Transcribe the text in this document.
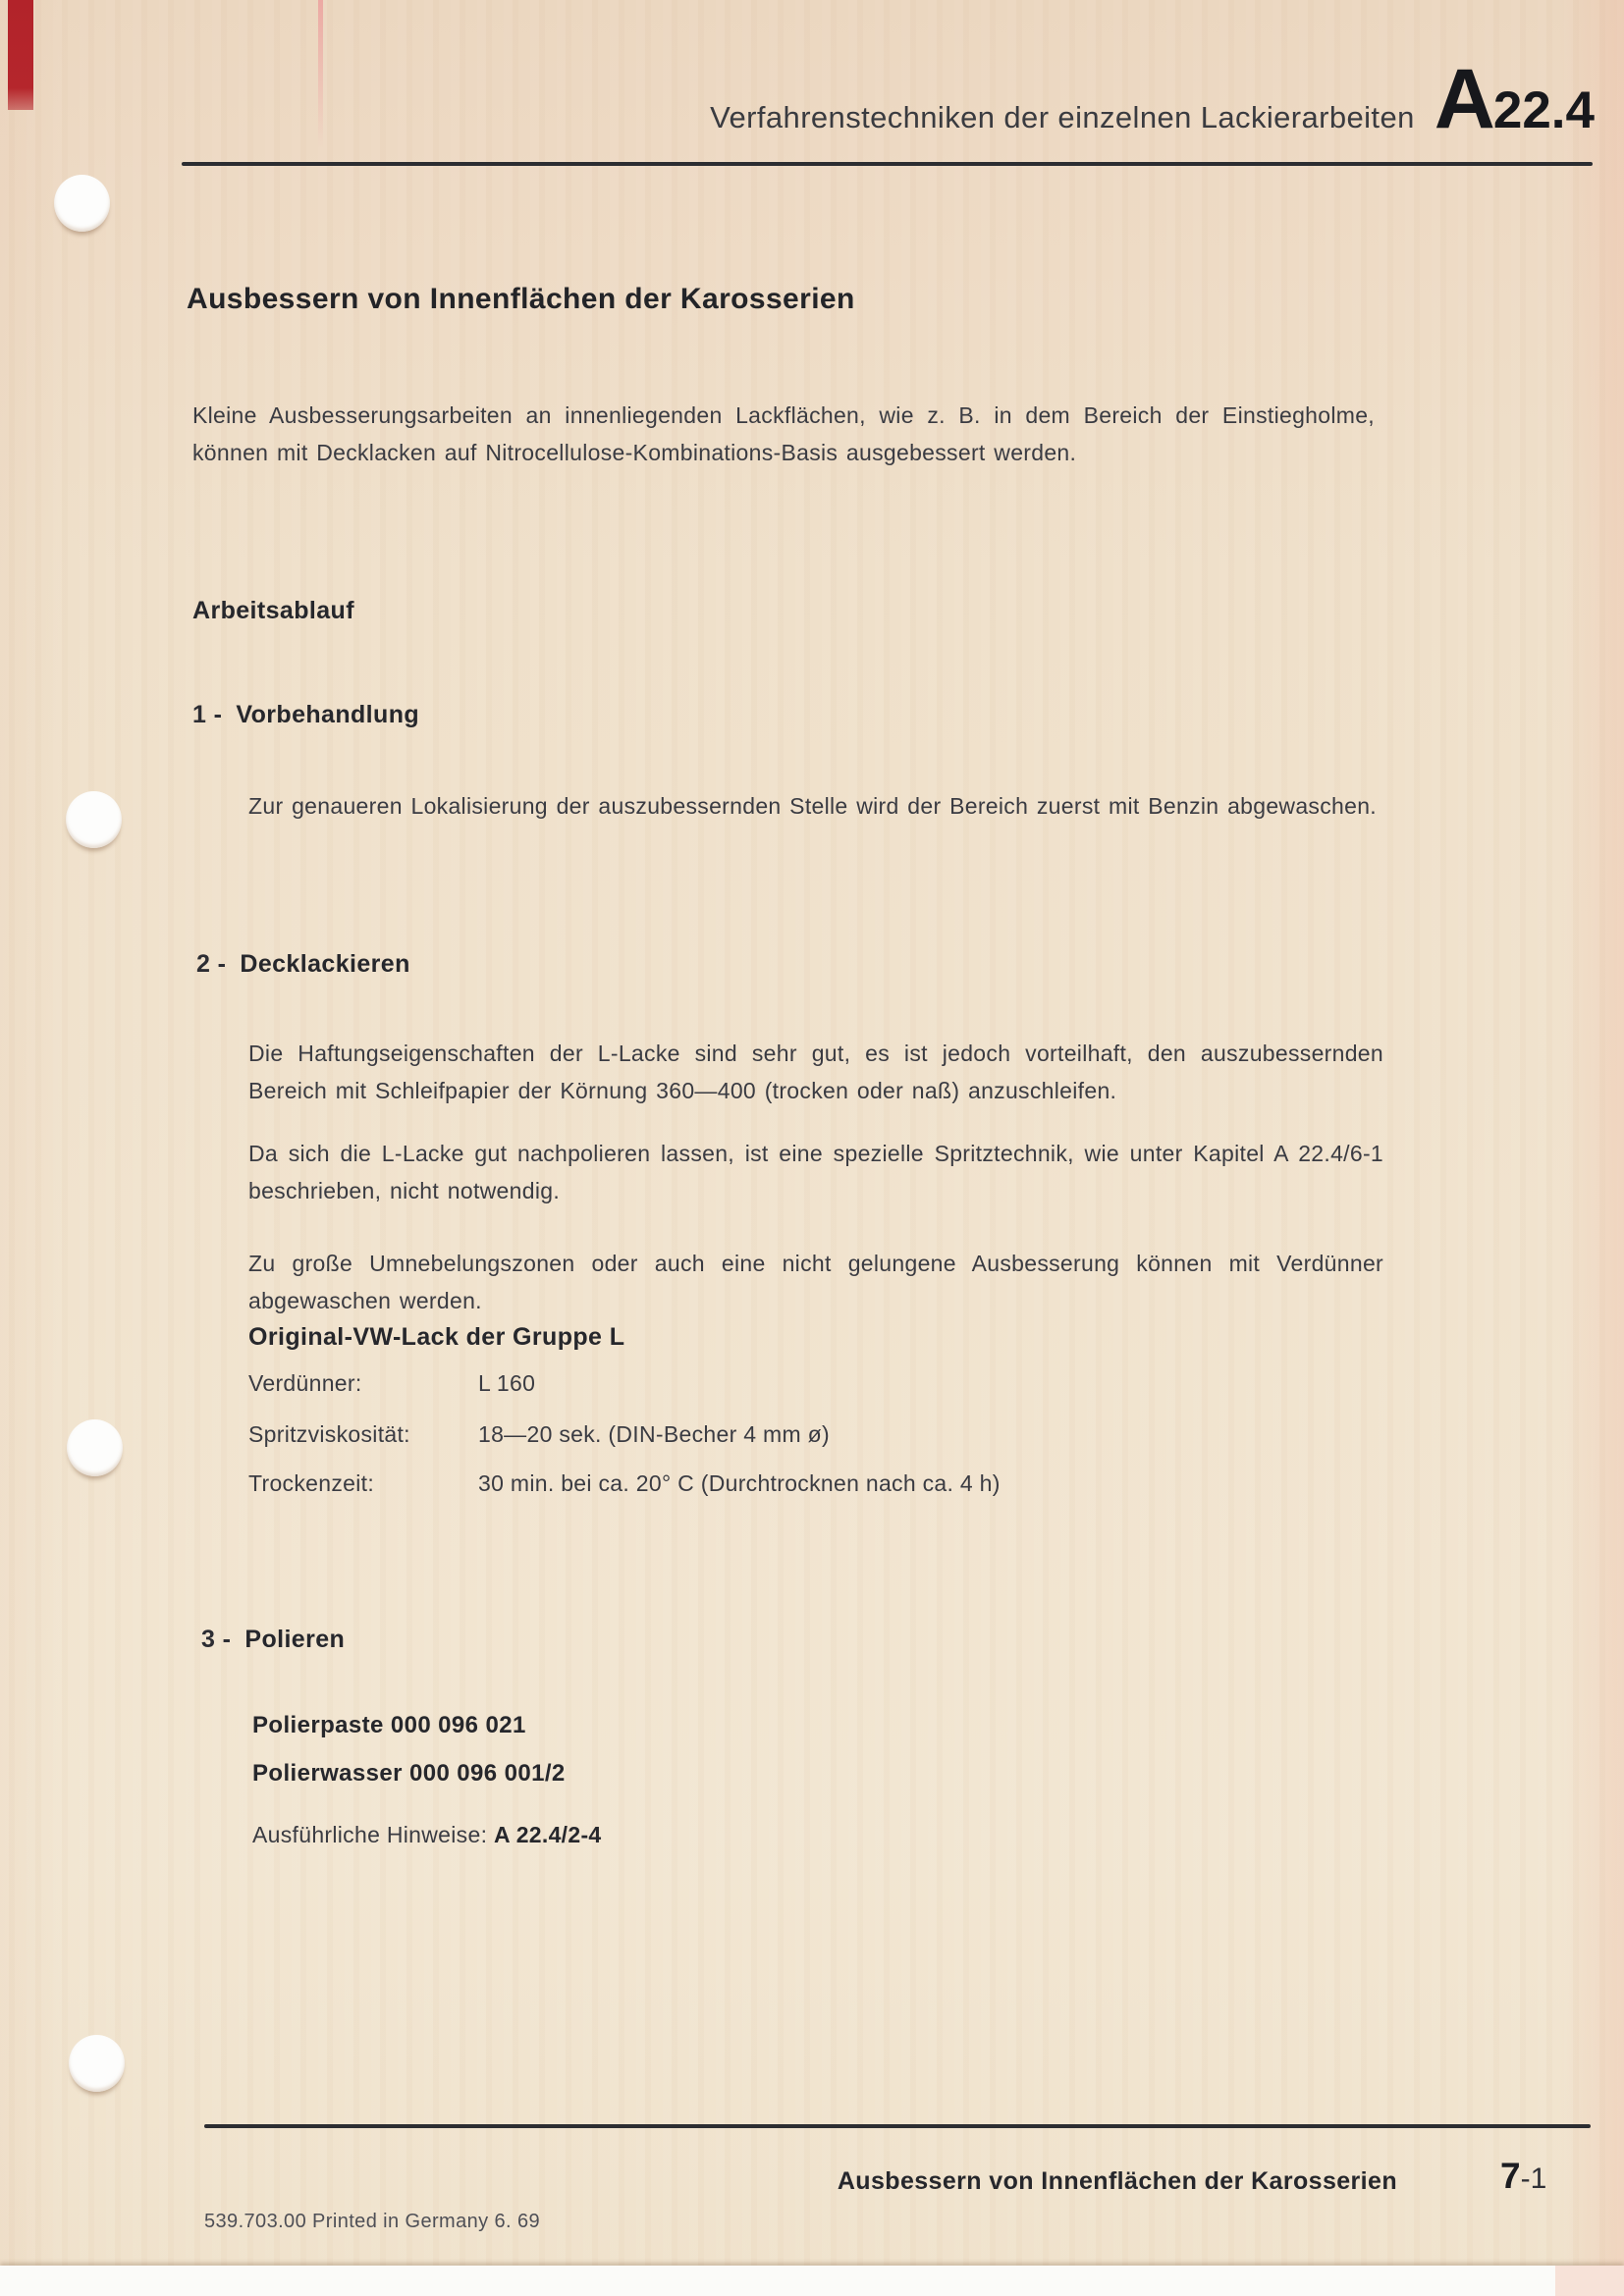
Verfahrenstechniken der einzelnen Lackierarbeiten A 22.4
Ausbessern von Innenflächen der Karosserien
Kleine Ausbesserungsarbeiten an innenliegenden Lackflächen, wie z. B. in dem Bereich der Einstiegholme, können mit Decklacken auf Nitrocellulose-Kombinations-Basis ausgebessert werden.
Arbeitsablauf
1 - Vorbehandlung
Zur genaueren Lokalisierung der auszubessernden Stelle wird der Bereich zuerst mit Benzin abgewaschen.
2 - Decklackieren
Die Haftungseigenschaften der L-Lacke sind sehr gut, es ist jedoch vorteilhaft, den auszubessernden Bereich mit Schleifpapier der Körnung 360—400 (trocken oder naß) anzuschleifen.
Da sich die L-Lacke gut nachpolieren lassen, ist eine spezielle Spritztechnik, wie unter Kapitel A 22.4/6-1 beschrieben, nicht notwendig.
Zu große Umnebelungszonen oder auch eine nicht gelungene Ausbesserung können mit Verdünner abgewaschen werden.
Original-VW-Lack der Gruppe L
Verdünner:	L 160
Spritzviskosität:	18—20 sek. (DIN-Becher 4 mm ø)
Trockenzeit:	30 min. bei ca. 20° C (Durchtrocknen nach ca. 4 h)
3 - Polieren
Polierpaste 000 096 021
Polierwasser 000 096 001/2
Ausführliche Hinweise: A 22.4/2-4
Ausbessern von Innenflächen der Karosserien	7 -1
539.703.00 Printed in Germany 6. 69
